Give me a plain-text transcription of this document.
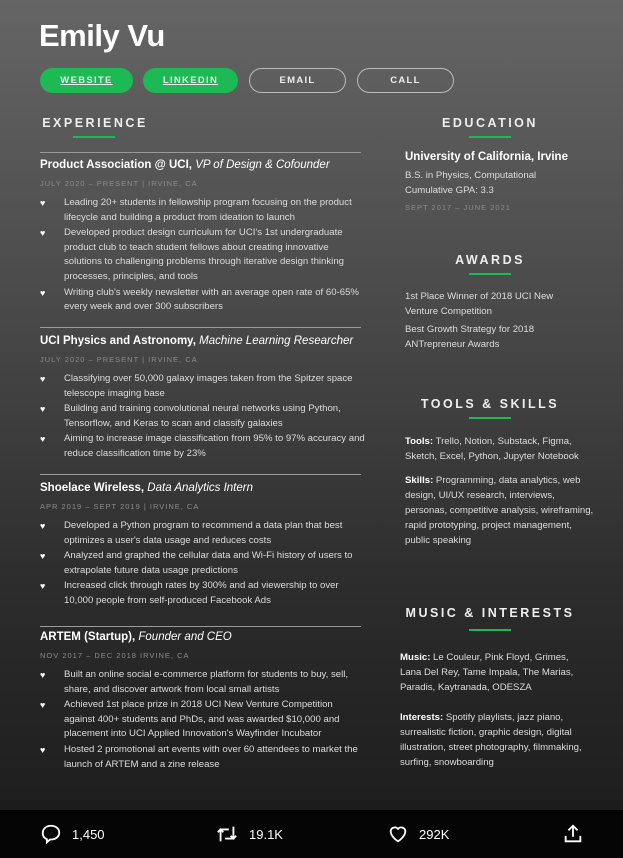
Emily Vu
WEBSITE	LINKEDIN	EMAIL	CALL
EXPERIENCE
Product Association @ UCI, VP of Design & Cofounder
JULY 2020 – PRESENT | IRVINE, CA
♥ Leading 20+ students in fellowship program focusing on the product lifecycle and building a product from ideation to launch
♥ Developed product design curriculum for UCI's 1st undergraduate product club to teach student fellows about creating innovative solutions to challenging problems through iterative design thinking processes, principles, and tools
♥ Writing club's weekly newsletter with an average open rate of 60-65% every week and over 300 subscribers
UCI Physics and Astronomy, Machine Learning Researcher
JULY 2020 – PRESENT | IRVINE, CA
♥ Classifying over 50,000 galaxy images taken from the Spitzer space telescope imaging base
♥ Building and training convolutional neural networks using Python, Tensorflow, and Keras to scan and classify galaxies
♥ Aiming to increase image classification from 95% to 97% accuracy and reduce classification time by 23%
Shoelace Wireless, Data Analytics Intern
APR 2019 – SEPT 2019 | IRVINE, CA
♥ Developed a Python program to recommend a data plan that best optimizes a user's data usage and reduces costs
♥ Analyzed and graphed the cellular data and Wi-Fi history of users to extrapolate future data usage predictions
♥ Increased click through rates by 300% and ad viewership to over 10,000 people from self-produced Facebook Ads
ARTEM (Startup), Founder and CEO
NOV 2017 – DEC 2018 IRVINE, CA
♥ Built an online social e-commerce platform for students to buy, sell, share, and discover artwork from local small artists
♥ Achieved 1st place prize in 2018 UCI New Venture Competition against 400+ students and PhDs, and was awarded $10,000 and placement into UCI Applied Innovation's Wayfinder Incubator
♥ Hosted 2 promotional art events with over 60 attendees to market the launch of ARTEM and a zine release
EDUCATION
University of California, Irvine
B.S. in Physics, Computational
Cumulative GPA: 3.3
SEPT 2017 – JUNE 2021
AWARDS
1st Place Winner of 2018 UCI New Venture Competition
Best Growth Strategy for 2018 ANTrepreneur Awards
TOOLS & SKILLS
Tools: Trello, Notion, Substack, Figma, Sketch, Excel, Python, Jupyter Notebook
Skills: Programming, data analytics, web design, UI/UX research, interviews, personas, competitive analysis, wireframing, rapid prototyping, project management, public speaking
MUSIC & INTERESTS
Music: Le Couleur, Pink Floyd, Grimes, Lana Del Rey, Tame Impala, The Marias, Paradis, Kaytranada, ODESZA
Interests: Spotify playlists, jazz piano, surrealistic fiction, graphic design, digital illustration, street photography, filmmaking, surfing, snowboarding
1,450	19.1K	292K
